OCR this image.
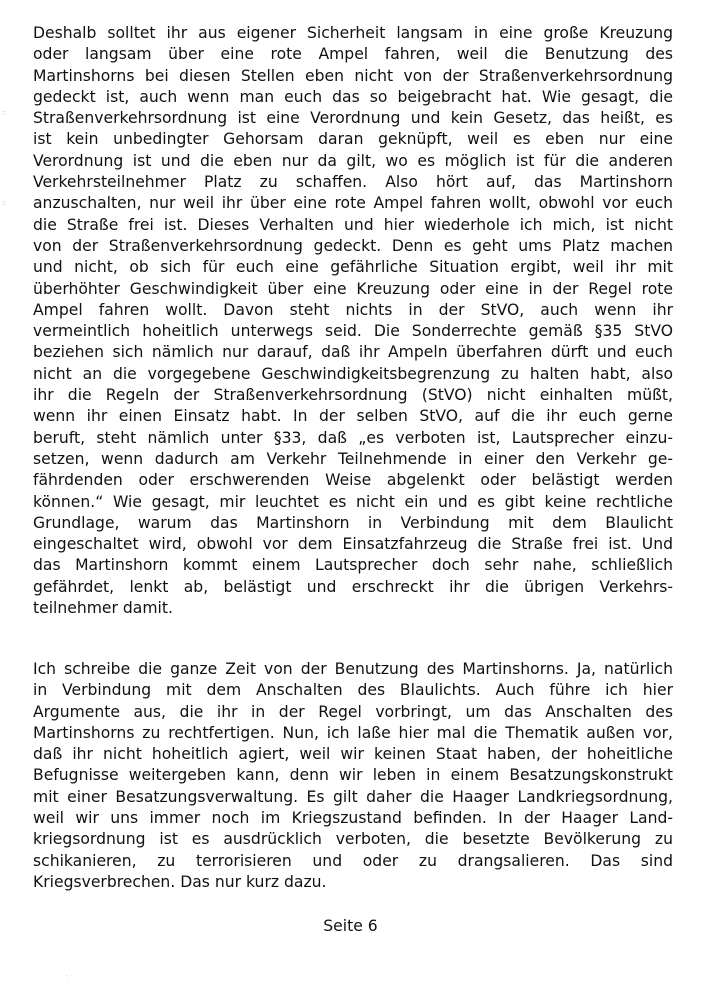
Deshalb solltet ihr aus eigener Sicherheit langsam in eine große Kreuzung
oder langsam über eine rote Ampel fahren, weil die Benutzung des
Martinshorns bei diesen Stellen eben nicht von der Straßenverkehrsordnung
gedeckt ist, auch wenn man euch das so beigebracht hat. Wie gesagt, die
Straßenverkehrsordnung ist eine Verordnung und kein Gesetz, das heißt, es
ist kein unbedingter Gehorsam daran geknüpft, weil es eben nur eine
Verordnung ist und die eben nur da gilt, wo es möglich ist für die anderen
Verkehrsteilnehmer Platz zu schaffen. Also hört auf, das Martinshorn
anzuschalten, nur weil ihr über eine rote Ampel fahren wollt, obwohl vor euch
die Straße frei ist. Dieses Verhalten und hier wiederhole ich mich, ist nicht
von der Straßenverkehrsordnung gedeckt. Denn es geht ums Platz machen
und nicht, ob sich für euch eine gefährliche Situation ergibt, weil ihr mit
überhöhter Geschwindigkeit über eine Kreuzung oder eine in der Regel rote
Ampel fahren wollt. Davon steht nichts in der StVO, auch wenn ihr
vermeintlich hoheitlich unterwegs seid. Die Sonderrechte gemäß §35 StVO
beziehen sich nämlich nur darauf, daß ihr Ampeln überfahren dürft und euch
nicht an die vorgegebene Geschwindigkeitsbegrenzung zu halten habt, also
ihr die Regeln der Straßenverkehrsordnung (StVO) nicht einhalten müßt,
wenn ihr einen Einsatz habt. In der selben StVO, auf die ihr euch gerne
beruft, steht nämlich unter §33, daß „es verboten ist, Lautsprecher einzu-
setzen, wenn dadurch am Verkehr Teilnehmende in einer den Verkehr ge-
fährdenden oder erschwerenden Weise abgelenkt oder belästigt werden
können.“ Wie gesagt, mir leuchtet es nicht ein und es gibt keine rechtliche
Grundlage, warum das Martinshorn in Verbindung mit dem Blaulicht
eingeschaltet wird, obwohl vor dem Einsatzfahrzeug die Straße frei ist. Und
das Martinshorn kommt einem Lautsprecher doch sehr nahe, schließlich
gefährdet, lenkt ab, belästigt und erschreckt ihr die übrigen Verkehrs-
teilnehmer damit.
Ich schreibe die ganze Zeit von der Benutzung des Martinshorns. Ja, natürlich
in Verbindung mit dem Anschalten des Blaulichts. Auch führe ich hier
Argumente aus, die ihr in der Regel vorbringt, um das Anschalten des
Martinshorns zu rechtfertigen. Nun, ich laße hier mal die Thematik außen vor,
daß ihr nicht hoheitlich agiert, weil wir keinen Staat haben, der hoheitliche
Befugnisse weitergeben kann, denn wir leben in einem Besatzungskonstrukt
mit einer Besatzungsverwaltung. Es gilt daher die Haager Landkriegsordnung,
weil wir uns immer noch im Kriegszustand befinden. In der Haager Land-
kriegsordnung ist es ausdrücklich verboten, die besetzte Bevölkerung zu
schikanieren, zu terrorisieren und oder zu drangsalieren. Das sind
Kriegsverbrechen. Das nur kurz dazu.
Seite 6
∷
∷
⸪
